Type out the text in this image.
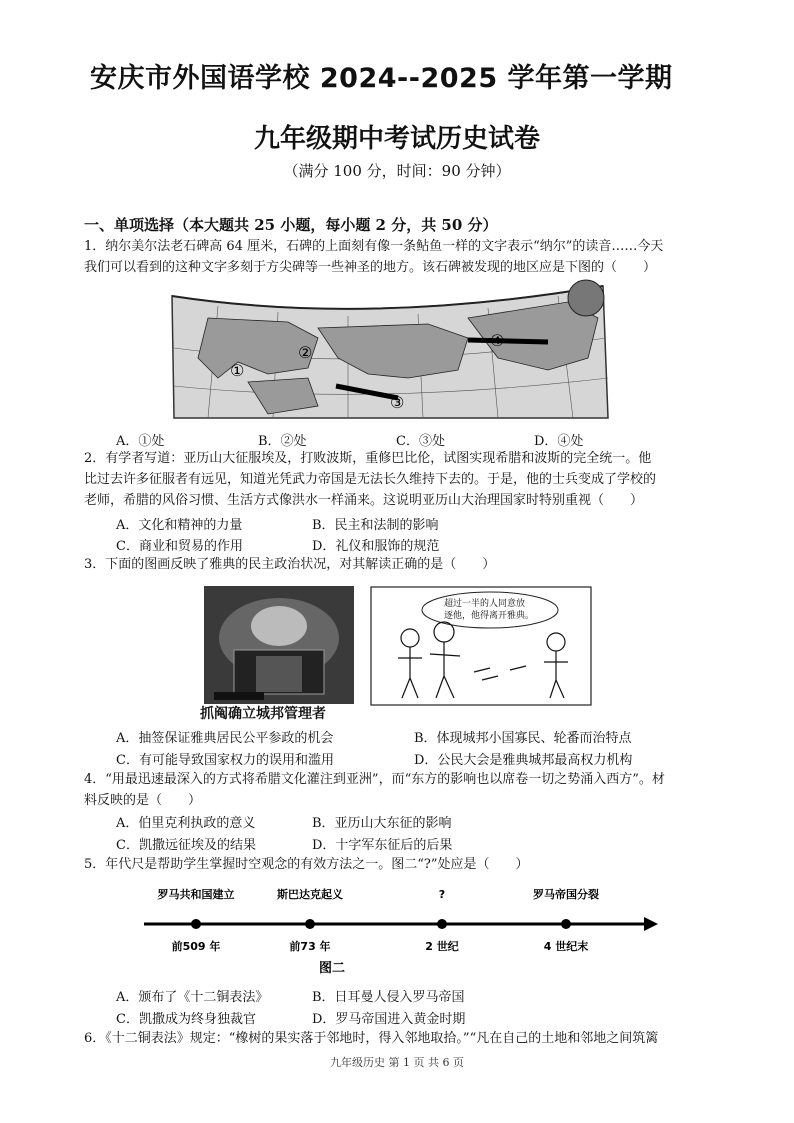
安庆市外国语学校 2024--2025 学年第一学期
九年级期中考试历史试卷
（满分 100 分，时间：90 分钟）
一、单项选择（本大题共 25 小题，每小题 2 分，共 50 分）
1．纳尔美尔法老石碑高 64 厘米，石碑的上面刻有像一条鲇鱼一样的文字表示“纳尔”的读音……今天
我们可以看到的这种文字多刻于方尖碑等一些神圣的地方。该石碑被发现的地区应是下图的（　　）
①
②
③
④
A．①处	B．②处	C．③处	D．④处
2．有学者写道：亚历山大征服埃及，打败波斯，重修巴比伦，试图实现希腊和波斯的完全统一。他
比过去许多征服者有远见，知道光凭武力帝国是无法长久维持下去的。于是，他的士兵变成了学校的
老师，希腊的风俗习惯、生活方式像洪水一样涌来。这说明亚历山大治理国家时特别重视（　　）
A．文化和精神的力量	B．民主和法制的影响
C．商业和贸易的作用	D．礼仪和服饰的规范
3．下面的图画反映了雅典的民主政治状况，对其解读正确的是（　　）
抓阄确立城邦管理者
超过一半的人同意放
逐他，他得离开雅典。
A．抽签保证雅典居民公平参政的机会	B．体现城邦小国寡民、轮番而治特点
C．有可能导致国家权力的误用和滥用	D．公民大会是雅典城邦最高权力机构
4．“用最迅速最深入的方式将希腊文化灌注到亚洲”，而“东方的影响也以席卷一切之势涌入西方”。材
料反映的是（　　）
A．伯里克利执政的意义	B．亚历山大东征的影响
C．凯撒远征埃及的结果	D．十字军东征后的后果
5．年代尺是帮助学生掌握时空观念的有效方法之一。图二“?”处应是（　　）
罗马共和国建立
前509 年
斯巴达克起义
前73 年
?
2 世纪
罗马帝国分裂
4 世纪末
图二
A．颁布了《十二铜表法》	B．日耳曼人侵入罗马帝国
C．凯撒成为终身独裁官	D．罗马帝国进入黄金时期
6．《十二铜表法》规定：“橡树的果实落于邻地时，得入邻地取拾。”“凡在自己的土地和邻地之间筑篱
九年级历史 第 1 页 共 6 页
